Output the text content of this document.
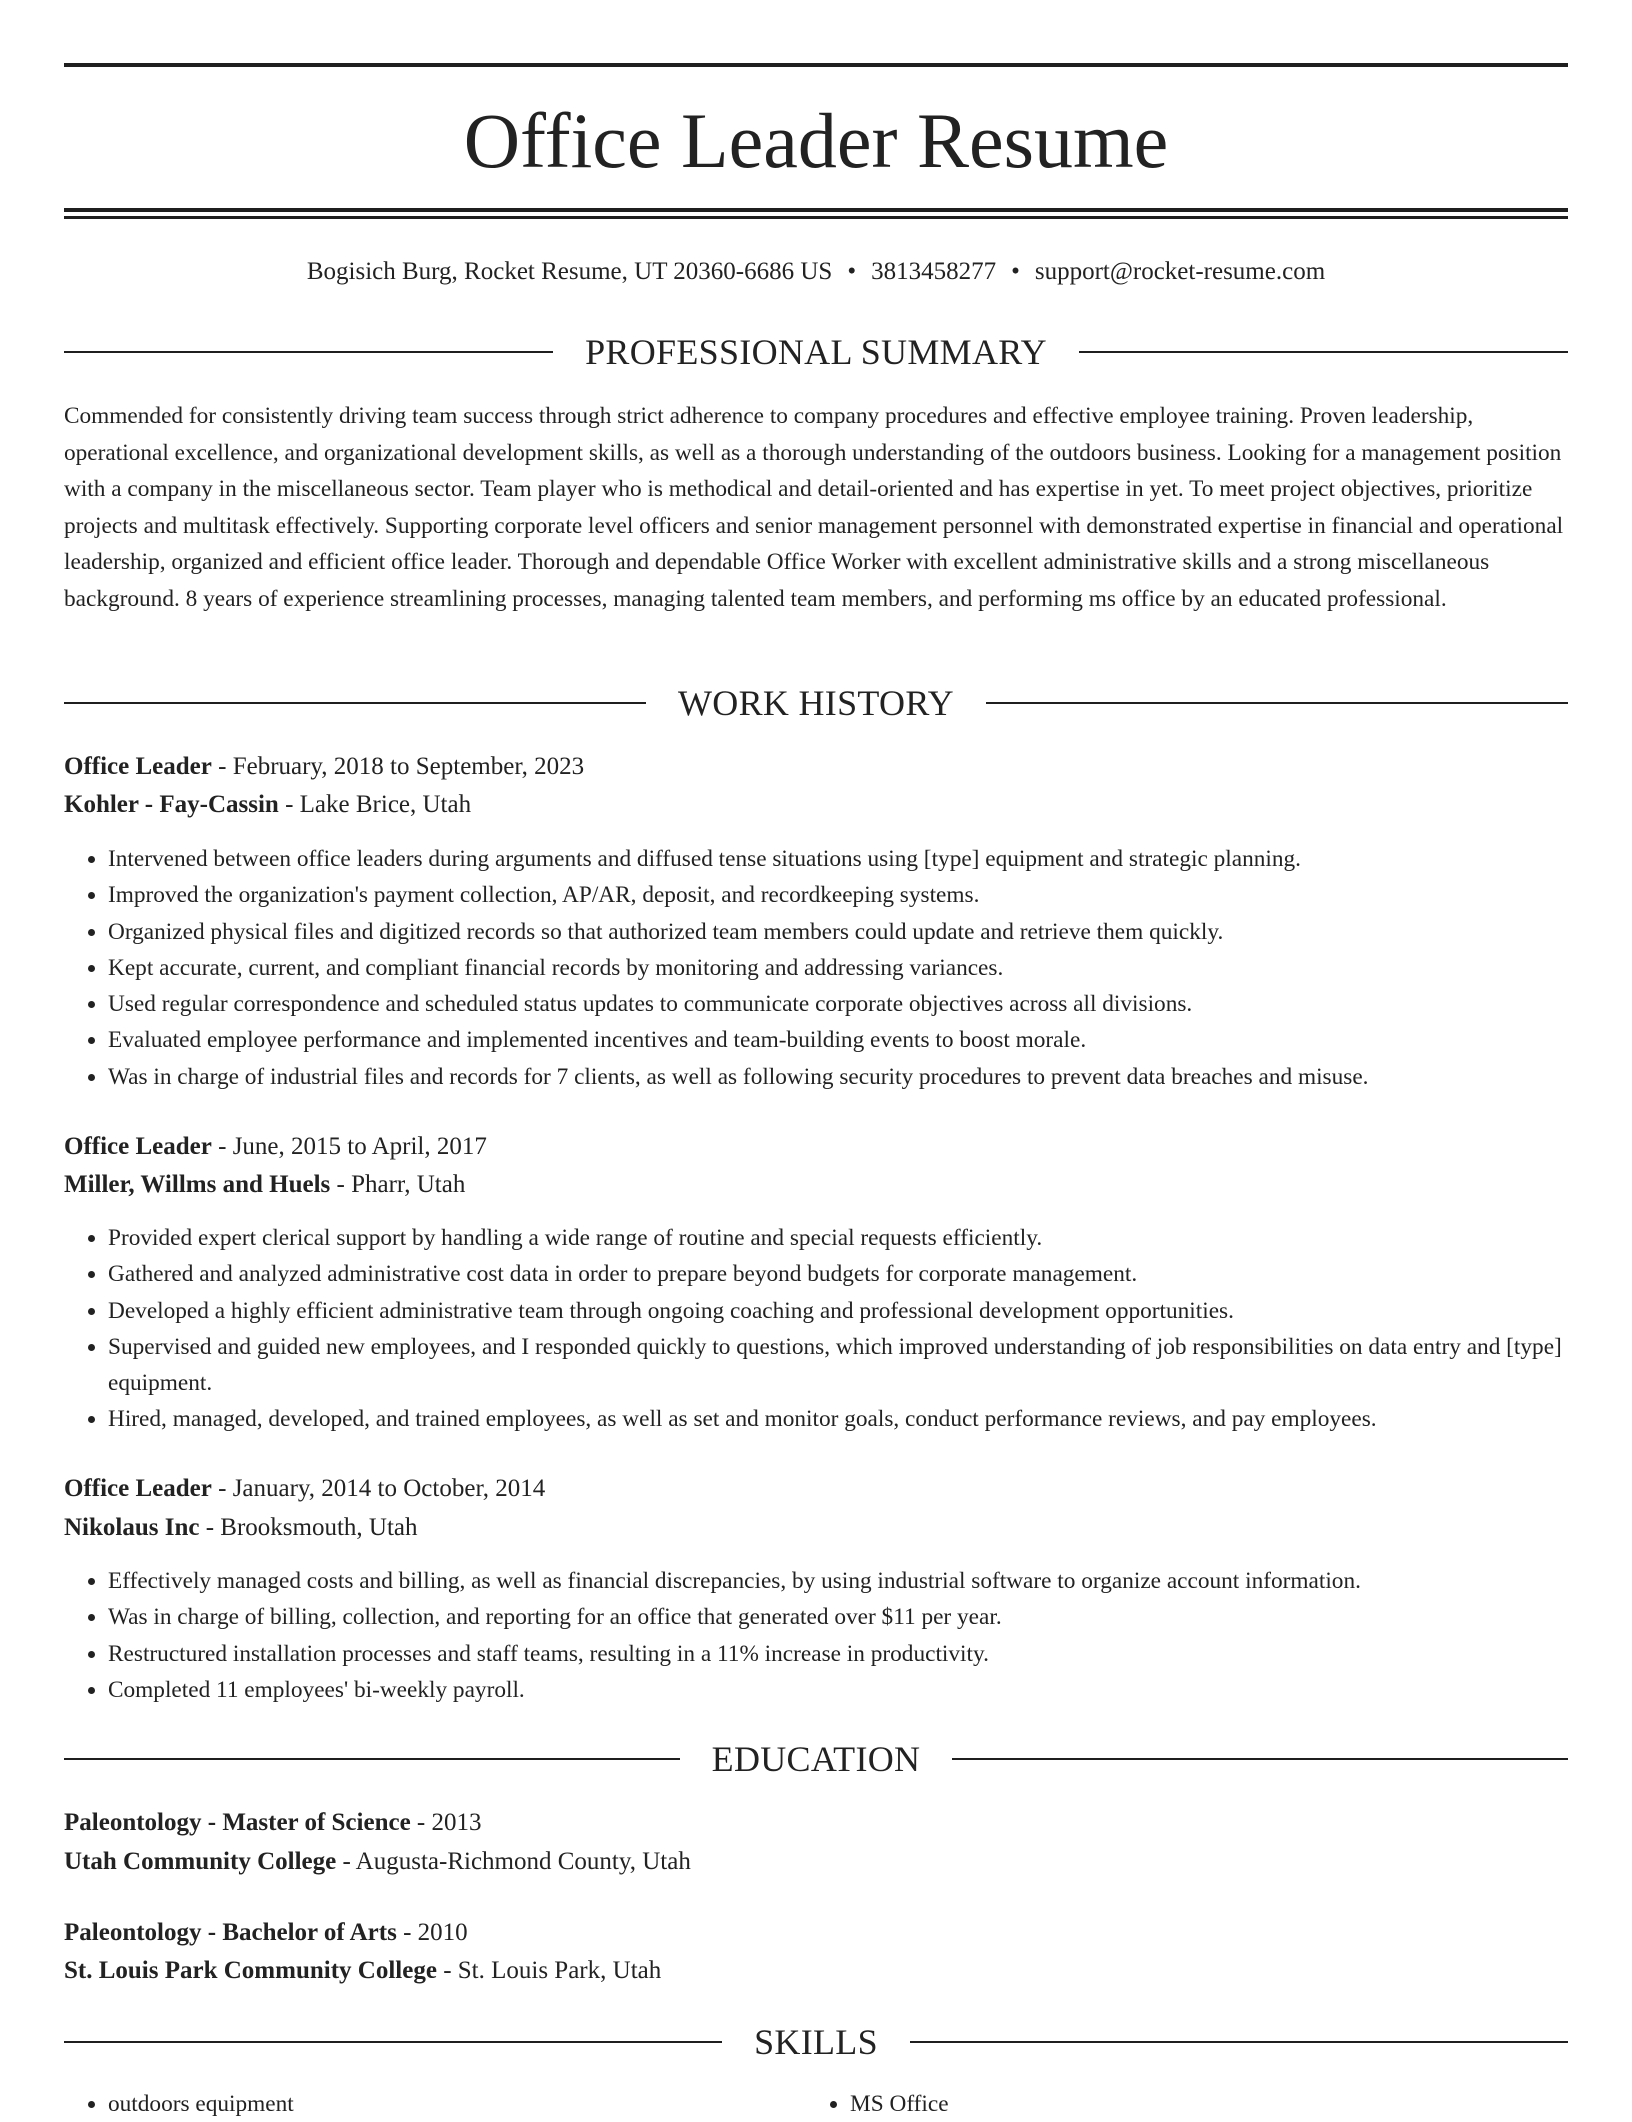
Office Leader Resume
Bogisich Burg, Rocket Resume, UT 20360-6686 US • 3813458277 • support@rocket-resume.com
PROFESSIONAL SUMMARY

Commended for consistently driving team success through strict adherence to company procedures and effective employee training. Proven leadership, operational excellence, and organizational development skills, as well as a thorough understanding of the outdoors business. Looking for a management position with a company in the miscellaneous sector. Team player who is methodical and detail-oriented and has expertise in yet. To meet project objectives, prioritize projects and multitask effectively. Supporting corporate level officers and senior management personnel with demonstrated expertise in financial and operational leadership, organized and efficient office leader. Thorough and dependable Office Worker with excellent administrative skills and a strong miscellaneous background. 8 years of experience streamlining processes, managing talented team members, and performing ms office by an educated professional.

WORK HISTORY
Office Leader - February, 2018 to September, 2023
Kohler - Fay-Cassin - Lake Brice, Utah
• Intervened between office leaders during arguments and diffused tense situations using [type] equipment and strategic planning.
• Improved the organization's payment collection, AP/AR, deposit, and recordkeeping systems.
• Organized physical files and digitized records so that authorized team members could update and retrieve them quickly.
• Kept accurate, current, and compliant financial records by monitoring and addressing variances.
• Used regular correspondence and scheduled status updates to communicate corporate objectives across all divisions.
• Evaluated employee performance and implemented incentives and team-building events to boost morale.
• Was in charge of industrial files and records for 7 clients, as well as following security procedures to prevent data breaches and misuse.
Office Leader - June, 2015 to April, 2017
Miller, Willms and Huels - Pharr, Utah
• Provided expert clerical support by handling a wide range of routine and special requests efficiently.
• Gathered and analyzed administrative cost data in order to prepare beyond budgets for corporate management.
• Developed a highly efficient administrative team through ongoing coaching and professional development opportunities.
• Supervised and guided new employees, and I responded quickly to questions, which improved understanding of job responsibilities on data entry and [type] equipment.
• Hired, managed, developed, and trained employees, as well as set and monitor goals, conduct performance reviews, and pay employees.
Office Leader - January, 2014 to October, 2014
Nikolaus Inc - Brooksmouth, Utah
• Effectively managed costs and billing, as well as financial discrepancies, by using industrial software to organize account information.
• Was in charge of billing, collection, and reporting for an office that generated over $11 per year.
• Restructured installation processes and staff teams, resulting in a 11% increase in productivity.
• Completed 11 employees' bi-weekly payroll.
EDUCATION
Paleontology - Master of Science - 2013
Utah Community College - Augusta-Richmond County, Utah
Paleontology - Bachelor of Arts - 2010
St. Louis Park Community College - St. Louis Park, Utah
SKILLS
• outdoors equipment
•	MS Office
